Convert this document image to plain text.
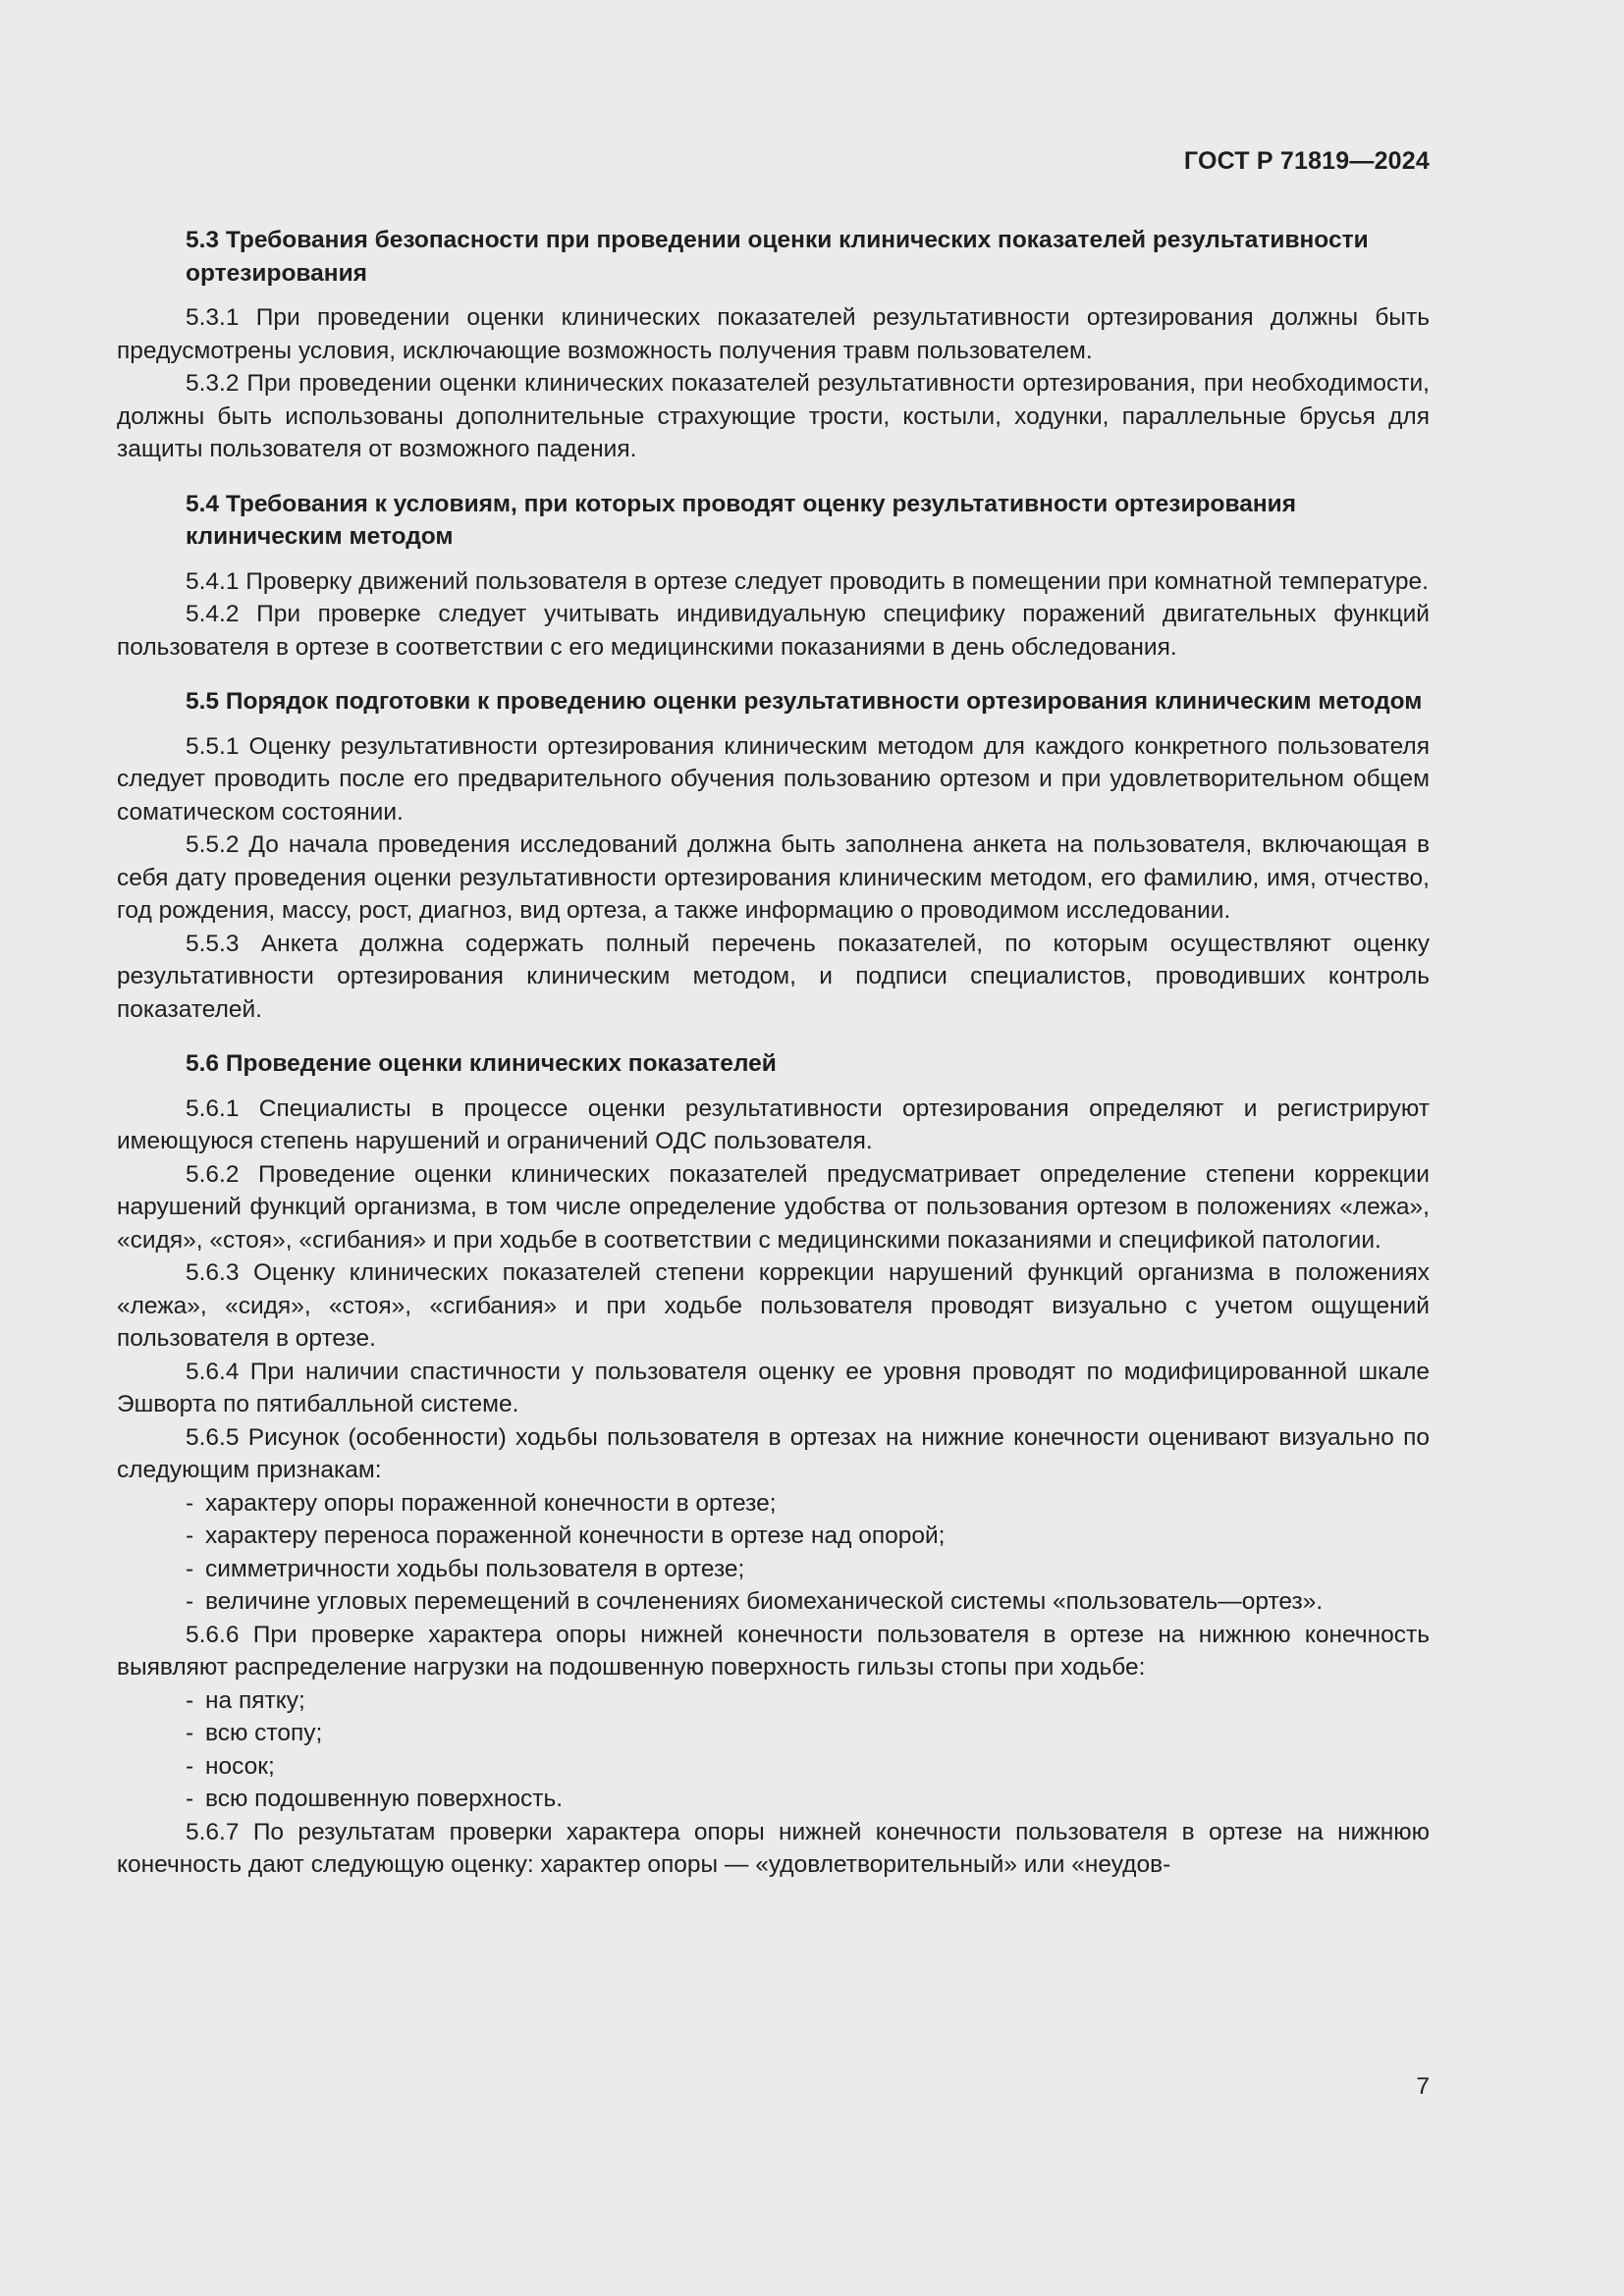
ГОСТ Р 71819—2024
5.3 Требования безопасности при проведении оценки клинических показателей результативности ортезирования

5.3.1 При проведении оценки клинических показателей результативности ортезирования должны быть предусмотрены условия, исключающие возможность получения травм пользователем.

5.3.2 При проведении оценки клинических показателей результативности ортезирования, при необходимости, должны быть использованы дополнительные страхующие трости, костыли, ходунки, параллельные брусья для защиты пользователя от возможного падения.

5.4 Требования к условиям, при которых проводят оценку результативности ортезирования клиническим методом

5.4.1 Проверку движений пользователя в ортезе следует проводить в помещении при комнатной температуре.

5.4.2 При проверке следует учитывать индивидуальную специфику поражений двигательных функций пользователя в ортезе в соответствии с его медицинскими показаниями в день обследования.

5.5 Порядок подготовки к проведению оценки результативности ортезирования клиническим методом

5.5.1 Оценку результативности ортезирования клиническим методом для каждого конкретного пользователя следует проводить после его предварительного обучения пользованию ортезом и при удовлетворительном общем соматическом состоянии.

5.5.2 До начала проведения исследований должна быть заполнена анкета на пользователя, включающая в себя дату проведения оценки результативности ортезирования клиническим методом, его фамилию, имя, отчество, год рождения, массу, рост, диагноз, вид ортеза, а также информацию о проводимом исследовании.

5.5.3 Анкета должна содержать полный перечень показателей, по которым осуществляют оценку результативности ортезирования клиническим методом, и подписи специалистов, проводивших контроль показателей.

5.6 Проведение оценки клинических показателей

5.6.1 Специалисты в процессе оценки результативности ортезирования определяют и регистрируют имеющуюся степень нарушений и ограничений ОДС пользователя.

5.6.2 Проведение оценки клинических показателей предусматривает определение степени коррекции нарушений функций организма, в том числе определение удобства от пользования ортезом в положениях «лежа», «сидя», «стоя», «сгибания» и при ходьбе в соответствии с медицинскими показаниями и спецификой патологии.

5.6.3 Оценку клинических показателей степени коррекции нарушений функций организма в положениях «лежа», «сидя», «стоя», «сгибания» и при ходьбе пользователя проводят визуально с учетом ощущений пользователя в ортезе.

5.6.4 При наличии спастичности у пользователя оценку ее уровня проводят по модифицированной шкале Эшворта по пятибалльной системе.

5.6.5 Рисунок (особенности) ходьбы пользователя в ортезах на нижние конечности оценивают визуально по следующим признакам:

- характеру опоры пораженной конечности в ортезе;
- характеру переноса пораженной конечности в ортезе над опорой;
- симметричности ходьбы пользователя в ортезе;
- величине угловых перемещений в сочленениях биомеханической системы «пользователь—ортез».

5.6.6 При проверке характера опоры нижней конечности пользователя в ортезе на нижнюю конечность выявляют распределение нагрузки на подошвенную поверхность гильзы стопы при ходьбе:

- на пятку;
- всю стопу;
- носок;
- всю подошвенную поверхность.

5.6.7 По результатам проверки характера опоры нижней конечности пользователя в ортезе на нижнюю конечность дают следующую оценку: характер опоры — «удовлетворительный» или «неудов-

7
